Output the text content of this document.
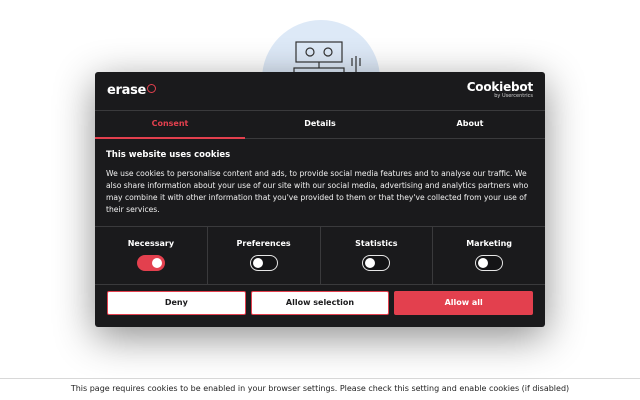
This page requires cookies to be enabled in your browser settings. Please check this setting and enable cookies (if disabled)
erase	Cookiebot
by Usercentrics
Consent	Details	About
This website uses cookies

We use cookies to personalise content and ads, to provide social media features and to analyse our traffic. We also share information about your use of our site with our social media, advertising and analytics partners who may combine it with other information that you've provided to them or that they've collected from your use of their services.

Necessary	Preferences	Statistics	Marketing
Deny	Allow selection	Allow all
